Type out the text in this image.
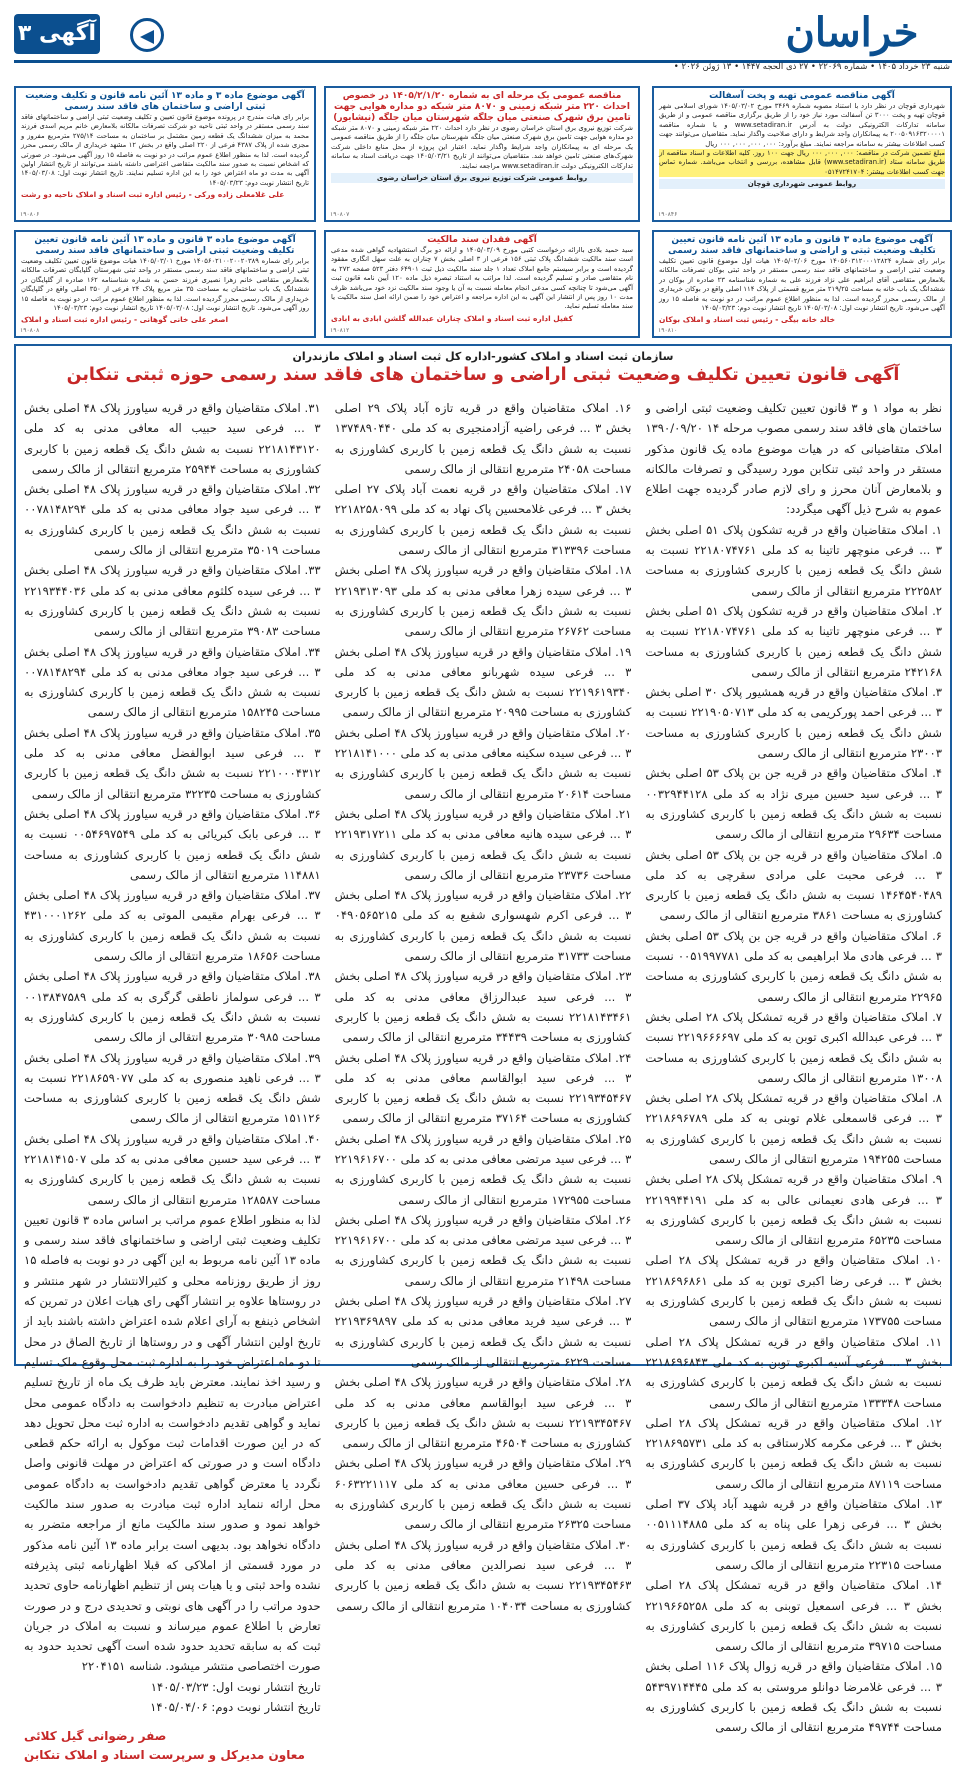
خراسان
آگهی ۳
شنبه ۲۳ خرداد ۱۴۰۵ • شماره ۲۲۰۶۹ • ۲۷ ذی الحجه ۱۴۴۷ • ۱۳ ژوئن ۲۰۲۶ •
آگهی مناقصه عمومی تهیه و پخت آسفالت
شهرداری قوچان در نظر دارد با استناد مصوبه شماره ۳۴۶۹ مورخ ۱۴۰۵/۰۳/۰۲ شورای اسلامی شهر قوچان تهیه و پخت ۳۰۰۰ تن آسفالت مورد نیاز خود را از طریق برگزاری مناقصه عمومی و از طریق سامانه تدارکات الکترونیکی دولت به آدرس www.setadiran.ir و با شماره مناقصه ۲۰۰۵۰۹۱۶۳۲۰۰۰۰۱ به پیمانکاران واجد شرایط و دارای صلاحیت واگذار نماید. متقاضیان می‌توانند جهت کسب اطلاعات بیشتر به سامانه مراجعه نمایند. مبلغ برآورد: ۰۰۰, ۰۰۰, ۰۰۰, ۰۰۰ ریال
مبلغ تضمین شرکت در مناقصه: ۰۰۰, ۰۰۰, ۰۰۰ ریال جهت ۱۰۰ روز. کلیه اطلاعات و اسناد مناقصه از طریق سامانه ستاد (www.setadiran.ir) قابل مشاهده، بررسی و انتخاب می‌باشد. شماره تماس جهت کسب اطلاعات بیشتر: ۰۵۱۴۷۲۴۱۷۰۴
روابط عمومی شهرداری قوچان
۱۹۰۸۴۶
مناقصه عمومی یک مرحله ای به شماره ۱۴۰۵/۲/۱/۲۰ در خصوص احداث ۲۲۰ متر شبکه زمینی و ۸۰۷۰ متر شبکه دو مداره هوایی جهت تامین برق شهرک صنعتی میان جلگه شهرستان میان جلگه (نیشابور)
شرکت توزیع نیروی برق استان خراسان رضوی در نظر دارد احداث ۲۲۰ متر شبکه زمینی و ۸۰۷۰ متر شبکه دو مداره هوایی جهت تامین برق شهرک صنعتی میان جلگه شهرستان میان جلگه را از طریق مناقصه عمومی یک مرحله ای به پیمانکاران واجد شرایط واگذار نماید. اعتبار این پروژه از محل منابع داخلی شرکت شهرک‌های صنعتی تامین خواهد شد. متقاضیان می‌توانند از تاریخ ۱۴۰۵/۰۳/۲۱ جهت دریافت اسناد به سامانه تدارکات الکترونیکی دولت www.setadiran.ir مراجعه نمایند.
روابط عمومی شرکت توزیع نیروی برق استان خراسان رضوی
۱۹۰۸۰۷
آگهی موضوع ماده ۳ و ماده ۱۳ آئین نامه قانون و تکلیف وضعیت ثبتی اراضی و ساختمان های فاقد سند رسمی
برابر رای هیات مندرج در پرونده موضوع قانون تعیین و تکلیف وضعیت ثبتی اراضی و ساختمانهای فاقد سند رسمی مستقر در واحد ثبتی ناحیه دو شرکت تصرفات مالکانه بلامعارض خانم مریم اسدی فرزند محمد به میزان ششدانگ یک قطعه زمین مشتمل بر ساختمان به مساحت ۲۷۵/۱۴ مترمربع مفروز و مجزی شده از پلاک ۴۳۸۷ فرعی از ۲۲۰ اصلی واقع در بخش ۱۲ مشهد خریداری از مالک رسمی محرز گردیده است. لذا به منظور اطلاع عموم مراتب در دو نوبت به فاصله ۱۵ روز آگهی می‌شود. در صورتی که اشخاص نسبت به صدور سند مالکیت متقاضی اعتراضی داشته باشند می‌توانند از تاریخ انتشار اولین آگهی به مدت دو ماه اعتراض خود را به این اداره تسلیم نمایند. تاریخ انتشار نوبت اول: ۱۴۰۵/۰۳/۰۸ تاریخ انتشار نوبت دوم: ۱۴۰۵/۰۳/۲۳
علی غلامعلی زاده ورکی - رئیس اداره ثبت اسناد و املاک ناحیه دو رشت
۱۹۰۸۰۶
آگهی موضوع ماده ۳ قانون و ماده ۱۳ آئین نامه قانون تعیین تکلیف وضعیت ثبتی و اراضی و ساختمانهای فاقد سند رسمی
برابر رای شماره ۱۴۰۵۶۰۳۱۲۰۰۰۱۲۸۲۴ مورخ ۱۴۰۵/۰۲/۰۶ هیات اول موضوع قانون تعیین تکلیف وضعیت ثبتی اراضی و ساختمانهای فاقد سند رسمی مستقر در واحد ثبتی بوکان تصرفات مالکانه بلامعارض متقاضی آقای ابراهیم علی نژاد فرزند علی به شماره شناسنامه ۲۳ صادره از بوکان در ششدانگ یک باب خانه به مساحت ۲۱۹/۲۵ متر مربع قسمتی از پلاک ۱۱۴ اصلی واقع در بوکان خریداری از مالک رسمی محرز گردیده است. لذا به منظور اطلاع عموم مراتب در دو نوبت به فاصله ۱۵ روز آگهی می‌شود. تاریخ انتشار نوبت اول: ۱۴۰۵/۰۳/۰۸ تاریخ انتشار نوبت دوم: ۱۴۰۵/۰۳/۲۳
خالد خانه بیگی - رئیس ثبت اسناد و املاک بوکان
۱۹۰۸۱۰
آگهی فقدان سند مالکیت
سید حمید بلادی باارائه درخواست کتبی مورخ ۱۴۰۵/۰۳/۰۹ و ارائه دو برگ استشهادیه گواهی شده مدعی است سند مالکیت ششدانگ پلاک ثبتی ۱۵۶ فرعی از ۳ اصلی بخش ۷ چناران به علت سهل انگاری مفقود گردیده است و برابر سیستم جامع املاک تعداد ۱ جلد سند مالکیت ذیل ثبت ۶۴۹۰۱ دفتر ۵۲۳ صفحه ۲۷۲ به نام متقاضی صادر و تسلیم گردیده است. لذا مراتب به استناد تبصره ذیل ماده ۱۲۰ آیین نامه قانون ثبت آگهی می‌شود تا چنانچه کسی مدعی انجام معامله نسبت به آن یا وجود سند مالکیت نزد خود می‌باشد ظرف مدت ۱۰ روز پس از انتشار این آگهی به این اداره مراجعه و اعتراض خود را ضمن ارائه اصل سند مالکیت یا سند معامله تسلیم نماید.
کفیل اداره ثبت اسناد و املاک چناران عبدالله گلشن ابادی به ابادی
۱۹۰۸۱۲
آگهی موضوع ماده ۳ قانون و ماده ۱۳ آئین نامه قانون تعیین تکلیف وضعیت ثبتی اراضی و ساختمانهای فاقد سند رسمی
برابر رای شماره ۱۴۰۵۶۰۲۱۰۰۲۰۰۲۰۳۸۹ مورخ ۱۴۰۵/۰۳/۰۱ هیات موضوع قانون تعیین تکلیف وضعیت ثبتی اراضی و ساختمانهای فاقد سند رسمی مستقر در واحد ثبتی شهرستان گلپایگان تصرفات مالکانه بلامعارض متقاضی خانم زهرا نصیری فرزند حسن به شماره شناسنامه ۱۶۲ صادره از گلپایگان در ششدانگ یک باب ساختمان به مساحت ۳۵ متر مربع پلاک ۲۴ فرعی از ۳۵۰ اصلی واقع در گلپایگان خریداری از مالک رسمی محرز گردیده است. لذا به منظور اطلاع عموم مراتب در دو نوبت به فاصله ۱۵ روز آگهی می‌شود. تاریخ انتشار نوبت اول: ۱۴۰۵/۰۳/۰۸ تاریخ انتشار نوبت دوم: ۱۴۰۵/۰۳/۲۳
اصغر علی خانی گوهانی - رئیس اداره ثبت اسناد و املاک
۱۹۰۸۰۸
سازمان ثبت اسناد و املاک کشور-اداره کل ثبت اسناد و املاک مازندران
آگهی قانون تعیین تکلیف وضعیت ثبتی اراضی و ساختمان های فاقد سند رسمی حوزه ثبتی تنکابن

نظر به مواد ۱ و ۳ قانون تعیین تکلیف وضعیت ثبتی اراضی و ساختمان های فاقد سند رسمی مصوب مرحله ۱۴ ۱۳۹۰/۰۹/۲۰ املاک متقاضیانی که در هیات موضوع ماده یک قانون مذکور مستقر در واحد ثبتی تنکابن مورد رسیدگی و تصرفات مالکانه و بلامعارض آنان محرز و رای لازم صادر گردیده جهت اطلاع عموم به شرح ذیل آگهی میگردد:

۱. املاک متقاضیان واقع در قریه تشکون پلاک ۵۱ اصلی بخش ۳ ... فرعی منوچهر تاتینا به کد ملی ۲۲۱۸۰۷۴۷۶۱ نسبت به شش دانگ یک قطعه زمین با کاربری کشاورزی به مساحت ۲۲۲۵۸۲ مترمربع انتقالی از مالک رسمی

۲. املاک متقاضیان واقع در قریه تشکون پلاک ۵۱ اصلی بخش ۳ ... فرعی منوچهر تاتینا به کد ملی ۲۲۱۸۰۷۴۷۶۱ نسبت به شش دانگ یک قطعه زمین با کاربری کشاورزی به مساحت ۲۴۲۱۶۸ مترمربع انتقالی از مالک رسمی

۳. املاک متقاضیان واقع در قریه همشیور پلاک ۳۰ اصلی بخش ۳ ... فرعی احمد پورکریمی به کد ملی ۲۲۱۹۰۵۰۷۱۳ نسبت به شش دانگ یک قطعه زمین با کاربری کشاورزی به مساحت ۲۳۰۰۳ مترمربع انتقالی از مالک رسمی

۴. املاک متقاضیان واقع در قریه جن بن پلاک ۵۳ اصلی بخش ۳ ... فرعی سید حسین میری نژاد به کد ملی ۰۰۳۲۹۴۴۱۲۸ نسبت به شش دانگ یک قطعه زمین با کاربری کشاورزی به مساحت ۲۹۶۳۴ مترمربع انتقالی از مالک رسمی

۵. املاک متقاضیان واقع در قریه جن بن پلاک ۵۳ اصلی بخش ۳ ... فرعی محبت علی مرادی سقرچی به کد ملی ۱۴۶۴۵۴۰۴۸۹ نسبت به شش دانگ یک قطعه زمین با کاربری کشاورزی به مساحت ۳۸۶۱ مترمربع انتقالی از مالک رسمی

۶. املاک متقاضیان واقع در قریه جن بن پلاک ۵۳ اصلی بخش ۳ ... فرعی هادی ملا ابراهیمی به کد ملی ۰۰۵۱۹۹۷۷۸۱ نسبت به شش دانگ یک قطعه زمین با کاربری کشاورزی به مساحت ۲۲۹۶۵ مترمربع انتقالی از مالک رسمی

۷. املاک متقاضیان واقع در قریه تمشکل پلاک ۲۸ اصلی بخش ۳ ... فرعی عبدالله اکبری توبن به کد ملی ۲۲۱۹۶۶۶۶۹۷ نسبت به شش دانگ یک قطعه زمین با کاربری کشاورزی به مساحت ۱۳۰۰۸ مترمربع انتقالی از مالک رسمی

۸. املاک متقاضیان واقع در قریه تمشکل پلاک ۲۸ اصلی بخش ۳ ... فرعی قاسمعلی غلام توبنی به کد ملی ۲۲۱۸۶۹۶۷۸۹ نسبت به شش دانگ یک قطعه زمین با کاربری کشاورزی به مساحت ۱۹۴۲۵۵ مترمربع انتقالی از مالک رسمی

۹. املاک متقاضیان واقع در قریه تمشکل پلاک ۲۸ اصلی بخش ۳ ... فرعی هادی نعیمانی عالی به کد ملی ۲۲۱۹۹۴۴۱۹۱ نسبت به شش دانگ یک قطعه زمین با کاربری کشاورزی به مساحت ۶۵۲۳۵ مترمربع انتقالی از مالک رسمی

۱۰. املاک متقاضیان واقع در قریه تمشکل پلاک ۲۸ اصلی بخش ۳ ... فرعی رضا اکبری توبن به کد ملی ۲۲۱۸۶۹۶۸۶۱ نسبت به شش دانگ یک قطعه زمین با کاربری کشاورزی به مساحت ۱۷۳۷۵۵ مترمربع انتقالی از مالک رسمی

۱۱. املاک متقاضیان واقع در قریه تمشکل پلاک ۲۸ اصلی بخش ۳ ... فرعی آسیه اکبری توبن به کد ملی ۲۲۱۸۶۹۶۸۴۳ نسبت به شش دانگ یک قطعه زمین با کاربری کشاورزی به مساحت ۱۳۳۳۴۸ مترمربع انتقالی از مالک رسمی

۱۲. املاک متقاضیان واقع در قریه تمشکل پلاک ۲۸ اصلی بخش ۳ ... فرعی مکرمه کلارستاقی به کد ملی ۲۲۱۸۶۹۵۷۳۱ نسبت به شش دانگ یک قطعه زمین با کاربری کشاورزی به مساحت ۸۷۱۱۹ مترمربع انتقالی از مالک رسمی

۱۳. املاک متقاضیان واقع در قریه شهید آباد پلاک ۳۷ اصلی بخش ۳ ... فرعی زهرا علی پناه به کد ملی ۰۰۵۱۱۱۴۸۸۵ نسبت به شش دانگ یک قطعه زمین با کاربری کشاورزی به مساحت ۲۲۳۱۵ مترمربع انتقالی از مالک رسمی

۱۴. املاک متقاضیان واقع در قریه تمشکل پلاک ۲۸ اصلی بخش ۳ ... فرعی اسمعیل توبنی به کد ملی ۲۲۱۹۶۶۵۲۵۸ نسبت به شش دانگ یک قطعه زمین با کاربری کشاورزی به مساحت ۳۹۷۱۵ مترمربع انتقالی از مالک رسمی

۱۵. املاک متقاضیان واقع در قریه زوال پلاک ۱۱۶ اصلی بخش ۳ ... فرعی غلامرضا دوانلو مروستی به کد ملی ۵۴۳۹۷۱۴۴۴۵ نسبت به شش دانگ یک قطعه زمین با کاربری کشاورزی به مساحت ۴۹۷۴۴ مترمربع انتقالی از مالک رسمی

۱۶. املاک متقاضیان واقع در قریه تازه آباد پلاک ۲۹ اصلی بخش ۳ ... فرعی راضیه آزادمنجیری به کد ملی ۱۳۷۴۸۹۰۴۴۰ نسبت به شش دانگ یک قطعه زمین با کاربری کشاورزی به مساحت ۲۴۰۵۸ مترمربع انتقالی از مالک رسمی

۱۷. املاک متقاضیان واقع در قریه نعمت آباد پلاک ۲۷ اصلی بخش ۳ ... فرعی غلامحسین پاک نهاد به کد ملی ۲۲۱۸۲۵۸۰۹۹ نسبت به شش دانگ یک قطعه زمین با کاربری کشاورزی به مساحت ۳۱۳۳۹۶ مترمربع انتقالی از مالک رسمی

۱۸. املاک متقاضیان واقع در قریه سیاورز پلاک ۴۸ اصلی بخش ۳ ... فرعی سیده زهرا معافی مدنی به کد ملی ۲۲۱۹۳۱۳۰۹۳ نسبت به شش دانگ یک قطعه زمین با کاربری کشاورزی به مساحت ۲۶۷۶۲ مترمربع انتقالی از مالک رسمی

۱۹. املاک متقاضیان واقع در قریه سیاورز پلاک ۴۸ اصلی بخش ۳ ... فرعی سیده شهربانو معافی مدنی به کد ملی ۲۲۱۹۶۱۹۳۴۰ نسبت به شش دانگ یک قطعه زمین با کاربری کشاورزی به مساحت ۲۰۹۹۵ مترمربع انتقالی از مالک رسمی

۲۰. املاک متقاضیان واقع در قریه سیاورز پلاک ۴۸ اصلی بخش ۳ ... فرعی سیده سکینه معافی مدنی به کد ملی ۲۲۱۸۱۴۱۰۰۰ نسبت به شش دانگ یک قطعه زمین با کاربری کشاورزی به مساحت ۲۰۶۱۴ مترمربع انتقالی از مالک رسمی

۲۱. املاک متقاضیان واقع در قریه سیاورز پلاک ۴۸ اصلی بخش ۳ ... فرعی سیده هانیه معافی مدنی به کد ملی ۲۲۱۹۳۱۷۲۱۱ نسبت به شش دانگ یک قطعه زمین با کاربری کشاورزی به مساحت ۲۳۷۳۶ مترمربع انتقالی از مالک رسمی

۲۲. املاک متقاضیان واقع در قریه سیاورز پلاک ۴۸ اصلی بخش ۳ ... فرعی اکرم شهسواری شفیع به کد ملی ۰۴۹۰۵۶۵۲۱۵ نسبت به شش دانگ یک قطعه زمین با کاربری کشاورزی به مساحت ۳۱۷۳۳ مترمربع انتقالی از مالک رسمی

۲۳. املاک متقاضیان واقع در قریه سیاورز پلاک ۴۸ اصلی بخش ۳ ... فرعی سید عبدالرزاق معافی مدنی به کد ملی ۲۲۱۸۱۴۳۴۶۱ نسبت به شش دانگ یک قطعه زمین با کاربری کشاورزی به مساحت ۳۴۴۳۹ مترمربع انتقالی از مالک رسمی

۲۴. املاک متقاضیان واقع در قریه سیاورز پلاک ۴۸ اصلی بخش ۳ ... فرعی سید ابوالقاسم معافی مدنی به کد ملی ۲۲۱۹۳۴۵۴۶۷ نسبت به شش دانگ یک قطعه زمین با کاربری کشاورزی به مساحت ۳۷۱۶۴ مترمربع انتقالی از مالک رسمی

۲۵. املاک متقاضیان واقع در قریه سیاورز پلاک ۴۸ اصلی بخش ۳ ... فرعی سید مرتضی معافی مدنی به کد ملی ۲۲۱۹۶۱۶۷۰۰ نسبت به شش دانگ یک قطعه زمین با کاربری کشاورزی به مساحت ۱۷۲۹۵۵ مترمربع انتقالی از مالک رسمی

۲۶. املاک متقاضیان واقع در قریه سیاورز پلاک ۴۸ اصلی بخش ۳ ... فرعی سید مرتضی معافی مدنی به کد ملی ۲۲۱۹۶۱۶۷۰۰ نسبت به شش دانگ یک قطعه زمین با کاربری کشاورزی به مساحت ۲۱۴۹۸ مترمربع انتقالی از مالک رسمی

۲۷. املاک متقاضیان واقع در قریه سیاورز پلاک ۴۸ اصلی بخش ۳ ... فرعی سید فرید معافی مدنی به کد ملی ۲۲۱۹۳۶۹۸۹۷ نسبت به شش دانگ یک قطعه زمین با کاربری کشاورزی به مساحت ۶۲۲۹ مترمربع انتقالی از مالک رسمی

۲۸. املاک متقاضیان واقع در قریه سیاورز پلاک ۴۸ اصلی بخش ۳ ... فرعی سید ابوالقاسم معافی مدنی به کد ملی ۲۲۱۹۳۴۵۴۶۷ نسبت به شش دانگ یک قطعه زمین با کاربری کشاورزی به مساحت ۴۶۵۰۴ مترمربع انتقالی از مالک رسمی

۲۹. املاک متقاضیان واقع در قریه سیاورز پلاک ۴۸ اصلی بخش ۳ ... فرعی حسین معافی مدنی به کد ملی ۶۰۶۳۲۲۱۱۱۷ نسبت به شش دانگ یک قطعه زمین با کاربری کشاورزی به مساحت ۲۶۳۲۵ مترمربع انتقالی از مالک رسمی

۳۰. املاک متقاضیان واقع در قریه سیاورز پلاک ۴۸ اصلی بخش ۳ ... فرعی سید نصرالدین معافی مدنی به کد ملی ۲۲۱۹۳۴۵۴۶۳ نسبت به شش دانگ یک قطعه زمین با کاربری کشاورزی به مساحت ۱۰۴۰۳۴ مترمربع انتقالی از مالک رسمی

۳۱. املاک متقاضیان واقع در قریه سیاورز پلاک ۴۸ اصلی بخش ۳ ... فرعی سید حبیب اله معافی مدنی به کد ملی ۲۲۱۸۱۴۳۱۲۰ نسبت به شش دانگ یک قطعه زمین با کاربری کشاورزی به مساحت ۲۵۹۴۴ مترمربع انتقالی از مالک رسمی

۳۲. املاک متقاضیان واقع در قریه سیاورز پلاک ۴۸ اصلی بخش ۳ ... فرعی سید جواد معافی مدنی به کد ملی ۰۰۷۸۱۴۸۲۹۴ نسبت به شش دانگ یک قطعه زمین با کاربری کشاورزی به مساحت ۳۵۰۱۹ مترمربع انتقالی از مالک رسمی

۳۳. املاک متقاضیان واقع در قریه سیاورز پلاک ۴۸ اصلی بخش ۳ ... فرعی سیده کلثوم معافی مدنی به کد ملی ۲۲۱۹۳۴۴۰۳۶ نسبت به شش دانگ یک قطعه زمین با کاربری کشاورزی به مساحت ۳۹۰۸۳ مترمربع انتقالی از مالک رسمی

۳۴. املاک متقاضیان واقع در قریه سیاورز پلاک ۴۸ اصلی بخش ۳ ... فرعی سید جواد معافی مدنی به کد ملی ۰۰۷۸۱۴۸۲۹۴ نسبت به شش دانگ یک قطعه زمین با کاربری کشاورزی به مساحت ۱۵۸۲۴۵ مترمربع انتقالی از مالک رسمی

۳۵. املاک متقاضیان واقع در قریه سیاورز پلاک ۴۸ اصلی بخش ۳ ... فرعی سید ابوالفضل معافی مدنی به کد ملی ۲۲۱۰۰۰۴۳۱۲ نسبت به شش دانگ یک قطعه زمین با کاربری کشاورزی به مساحت ۳۲۲۳۵ مترمربع انتقالی از مالک رسمی

۳۶. املاک متقاضیان واقع در قریه سیاورز پلاک ۴۸ اصلی بخش ۳ ... فرعی بابک کبریائی به کد ملی ۰۰۵۴۶۹۷۵۴۹ نسبت به شش دانگ یک قطعه زمین با کاربری کشاورزی به مساحت ۱۱۴۸۸۱ مترمربع انتقالی از مالک رسمی

۳۷. املاک متقاضیان واقع در قریه سیاورز پلاک ۴۸ اصلی بخش ۳ ... فرعی بهرام مقیمی الموتی به کد ملی ۴۳۱۰۰۰۱۲۶۲ نسبت به شش دانگ یک قطعه زمین با کاربری کشاورزی به مساحت ۱۸۶۵۶ مترمربع انتقالی از مالک رسمی

۳۸. املاک متقاضیان واقع در قریه سیاورز پلاک ۴۸ اصلی بخش ۳ ... فرعی سولماز ناطقی گرگری به کد ملی ۰۰۱۳۸۴۷۵۸۹ نسبت به شش دانگ یک قطعه زمین با کاربری کشاورزی به مساحت ۳۰۹۸۵ مترمربع انتقالی از مالک رسمی

۳۹. املاک متقاضیان واقع در قریه سیاورز پلاک ۴۸ اصلی بخش ۳ ... فرعی ناهید منصوری به کد ملی ۲۲۱۸۶۵۹۰۷۷ نسبت به شش دانگ یک قطعه زمین با کاربری کشاورزی به مساحت ۱۵۱۱۲۶ مترمربع انتقالی از مالک رسمی

۴۰. املاک متقاضیان واقع در قریه سیاورز پلاک ۴۸ اصلی بخش ۳ ... فرعی سید حسین معافی مدنی به کد ملی ۲۲۱۸۱۴۱۵۰۷ نسبت به شش دانگ یک قطعه زمین با کاربری کشاورزی به مساحت ۱۲۸۵۸۷ مترمربع انتقالی از مالک رسمی

لذا به منظور اطلاع عموم مراتب بر اساس ماده ۳ قانون تعیین تکلیف وضعیت ثبتی اراضی و ساختمانهای فاقد سند رسمی و ماده ۱۳ آئین نامه مربوط به این آگهی در دو نوبت به فاصله ۱۵ روز از طریق روزنامه محلی و کثیرالانتشار در شهر منتشر و در روستاها علاوه بر انتشار آگهی رای هیات اعلان در تمرین که اشخاص ذینفع به آرای اعلام شده اعتراض داشته باشند باید از تاریخ اولین انتشار آگهی و در روستاها از تاریخ الصاق در محل تا دو ماه اعتراض خود را به اداره ثبت محل وقوع ملک تسلیم و رسید اخذ نمایند. معترض باید ظرف یک ماه از تاریخ تسلیم اعتراض مبادرت به تنظیم دادخواست به دادگاه عمومی محل نماید و گواهی تقدیم دادخواست به اداره ثبت محل تحویل دهد که در این صورت اقدامات ثبت موکول به ارائه حکم قطعی دادگاه است و در صورتی که اعتراض در مهلت قانونی واصل نگردد یا معترض گواهی تقدیم دادخواست به دادگاه عمومی محل ارائه ننماید اداره ثبت مبادرت به صدور سند مالکیت خواهد نمود و صدور سند مالکیت مانع از مراجعه متضرر به دادگاه نخواهد بود. بدیهی است برابر ماده ۱۳ آئین نامه مذکور در مورد قسمتی از املاکی که قبلا اظهارنامه ثبتی پذیرفته نشده واحد ثبتی و یا هیات پس از تنظیم اظهارنامه حاوی تحدید حدود مراتب را در آگهی های نوبتی و تحدیدی درج و در صورت تعارض با اطلاع عموم میرساند و نسبت به املاک در جریان ثبت که به سابقه تحدید حدود شده است آگهی تحدید حدود به صورت اختصاصی منتشر میشود. شناسه ۲۲۰۴۱۵۱

تاریخ انتشار نوبت اول: ۱۴۰۵/۰۳/۲۳

تاریخ انتشار نوبت دوم: ۱۴۰۵/۰۴/۰۶

صفر رضوانی گیل کلائی
معاون مدیرکل و سرپرست اسناد و املاک تنکابن
